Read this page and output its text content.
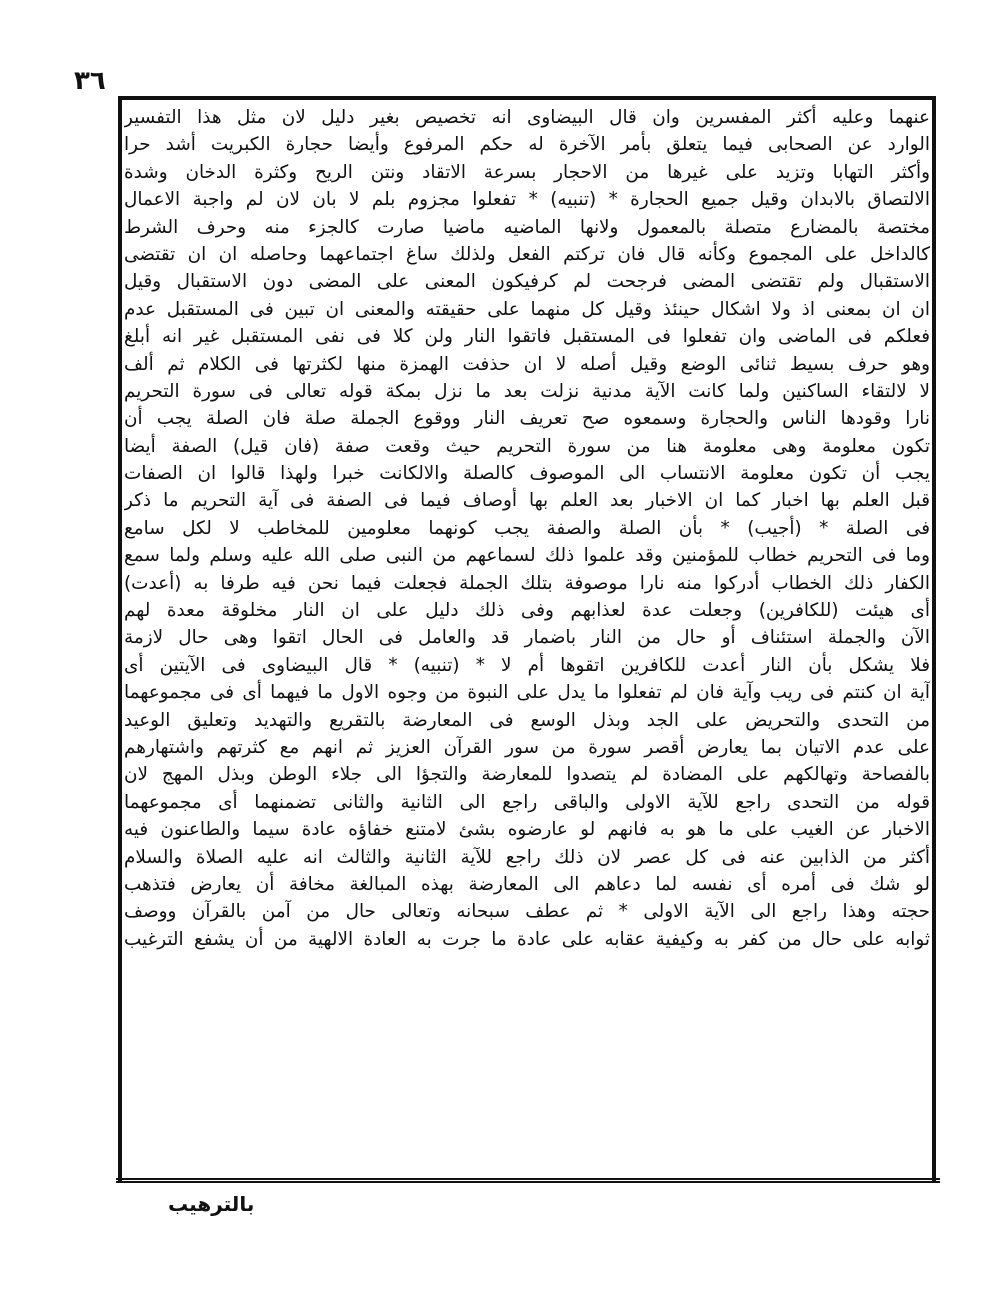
٣٦
عنهما وعليه أكثر المفسرين وان قال البيضاوى انه تخصيص بغير دليل لان مثل هذا التفسير
الوارد عن الصحابى فيما يتعلق بأمر الآخرة له حكم المرفوع وأيضا حجارة الكبريت أشد حرا
وأكثر التهابا وتزيد على غيرها من الاحجار بسرعة الاتقاد ونتن الريح وكثرة الدخان وشدة
الالتصاق بالابدان وقيل جميع الحجارة * (تنبيه) * تفعلوا مجزوم بلم لا بان لان لم واجبة الاعمال
مختصة بالمضارع متصلة بالمعمول ولانها الماضيه ماضيا صارت كالجزء منه وحرف الشرط
كالداخل على المجموع وكأنه قال فان تركتم الفعل ولذلك ساغ اجتماعهما وحاصله ان ان تقتضى
الاستقبال ولم تقتضى المضى فرجحت لم كرفيكون المعنى على المضى دون الاستقبال وقيل
ان ان بمعنى اذ ولا اشكال حينئذ وقيل كل منهما على حقيقته والمعنى ان تبين فى المستقبل عدم
فعلكم فى الماضى وان تفعلوا فى المستقبل فاتقوا النار ولن كلا فى نفى المستقبل غير انه أبلغ
وهو حرف بسيط ثنائى الوضع وقيل أصله لا ان حذفت الهمزة منها لكثرتها فى الكلام ثم ألف
لا لالتقاء الساكنين ولما كانت الآية مدنية نزلت بعد ما نزل بمكة قوله تعالى فى سورة التحريم
نارا وقودها الناس والحجارة وسمعوه صح تعريف النار ووقوع الجملة صلة فان الصلة يجب أن
تكون معلومة وهى معلومة هنا من سورة التحريم حيث وقعت صفة (فان قيل) الصفة أيضا
يجب أن تكون معلومة الانتساب الى الموصوف كالصلة والالكانت خبرا ولهذا قالوا ان الصفات
قبل العلم بها اخبار كما ان الاخبار بعد العلم بها أوصاف فيما فى الصفة فى آية التحريم ما ذكر
فى الصلة * (أجيب) * بأن الصلة والصفة يجب كونهما معلومين للمخاطب لا لكل سامع
وما فى التحريم خطاب للمؤمنين وقد علموا ذلك لسماعهم من النبى صلى الله عليه وسلم ولما سمع
الكفار ذلك الخطاب أدركوا منه نارا موصوفة بتلك الجملة فجعلت فيما نحن فيه طرفا به (أعدت)
أى هيئت (للكافرين) وجعلت عدة لعذابهم وفى ذلك دليل على ان النار مخلوقة معدة لهم
الآن والجملة استئناف أو حال من النار باضمار قد والعامل فى الحال اتقوا وهى حال لازمة
فلا يشكل بأن النار أعدت للكافرين اتقوها أم لا * (تنبيه) * قال البيضاوى فى الآيتين أى
آية ان كنتم فى ريب وآية فان لم تفعلوا ما يدل على النبوة من وجوه الاول ما فيهما أى فى مجموعهما
من التحدى والتحريض على الجد وبذل الوسع فى المعارضة بالتقريع والتهديد وتعليق الوعيد
على عدم الاتيان بما يعارض أقصر سورة من سور القرآن العزيز ثم انهم مع كثرتهم واشتهارهم
بالفصاحة وتهالكهم على المضادة لم يتصدوا للمعارضة والتجؤا الى جلاء الوطن وبذل المهج لان
قوله من التحدى راجع للآية الاولى والباقى راجع الى الثانية والثانى تضمنهما أى مجموعهما
الاخبار عن الغيب على ما هو به فانهم لو عارضوه بشئ لامتنع خفاؤه عادة سيما والطاعنون فيه
أكثر من الذابين عنه فى كل عصر لان ذلك راجع للآية الثانية والثالث انه عليه الصلاة والسلام
لو شك فى أمره أى نفسه لما دعاهم الى المعارضة بهذه المبالغة مخافة أن يعارض فتذهب
حجته وهذا راجع الى الآية الاولى * ثم عطف سبحانه وتعالى حال من آمن بالقرآن ووصف
ثوابه على حال من كفر به وكيفية عقابه على عادة ما جرت به العادة الالهية من أن يشفع الترغيب
بالترهيب
